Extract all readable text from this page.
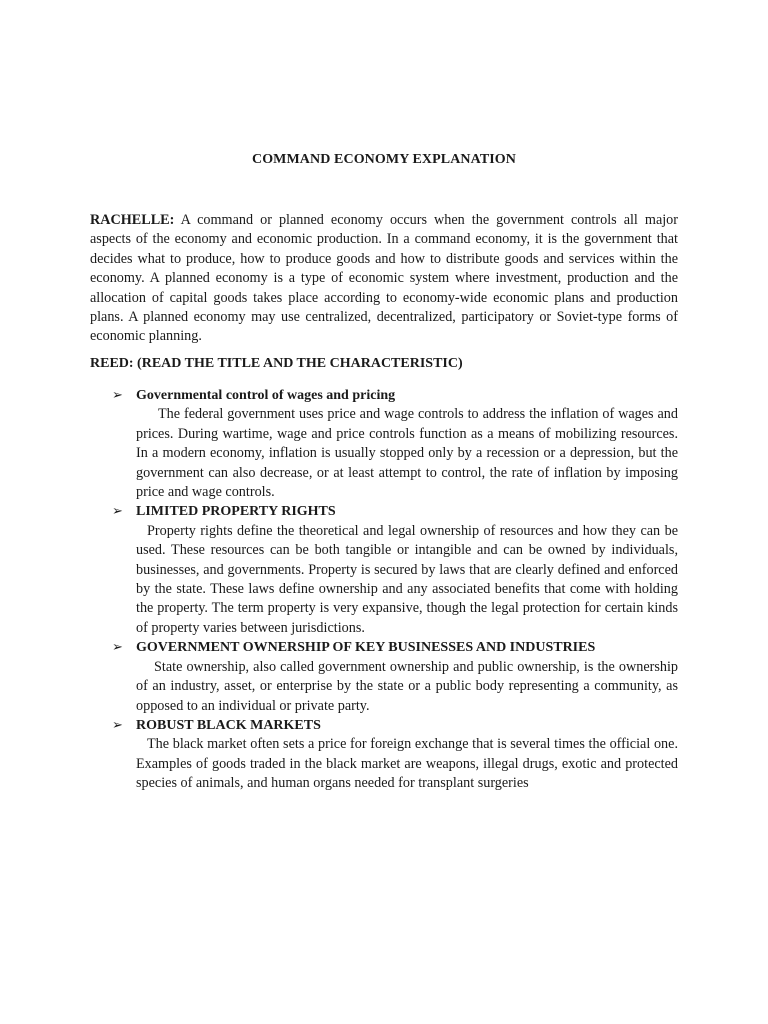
COMMAND ECONOMY EXPLANATION
RACHELLE: A command or planned economy occurs when the government controls all major aspects of the economy and economic production. In a command economy, it is the government that decides what to produce, how to produce goods and how to distribute goods and services within the economy. A planned economy is a type of economic system where investment, production and the allocation of capital goods takes place according to economy-wide economic plans and production plans. A planned economy may use centralized, decentralized, participatory or Soviet-type forms of economic planning.
REED: (READ THE TITLE AND THE CHARACTERISTIC)
➢ Governmental control of wages and pricing
The federal government uses price and wage controls to address the inflation of wages and prices. During wartime, wage and price controls function as a means of mobilizing resources. In a modern economy, inflation is usually stopped only by a recession or a depression, but the government can also decrease, or at least attempt to control, the rate of inflation by imposing price and wage controls.
➢ LIMITED PROPERTY RIGHTS
Property rights define the theoretical and legal ownership of resources and how they can be used. These resources can be both tangible or intangible and can be owned by individuals, businesses, and governments. Property is secured by laws that are clearly defined and enforced by the state. These laws define ownership and any associated benefits that come with holding the property. The term property is very expansive, though the legal protection for certain kinds of property varies between jurisdictions.
➢ GOVERNMENT OWNERSHIP OF KEY BUSINESSES AND INDUSTRIES
State ownership, also called government ownership and public ownership, is the ownership of an industry, asset, or enterprise by the state or a public body representing a community, as opposed to an individual or private party.
➢ ROBUST BLACK MARKETS
The black market often sets a price for foreign exchange that is several times the official one. Examples of goods traded in the black market are weapons, illegal drugs, exotic and protected species of animals, and human organs needed for transplant surgeries
